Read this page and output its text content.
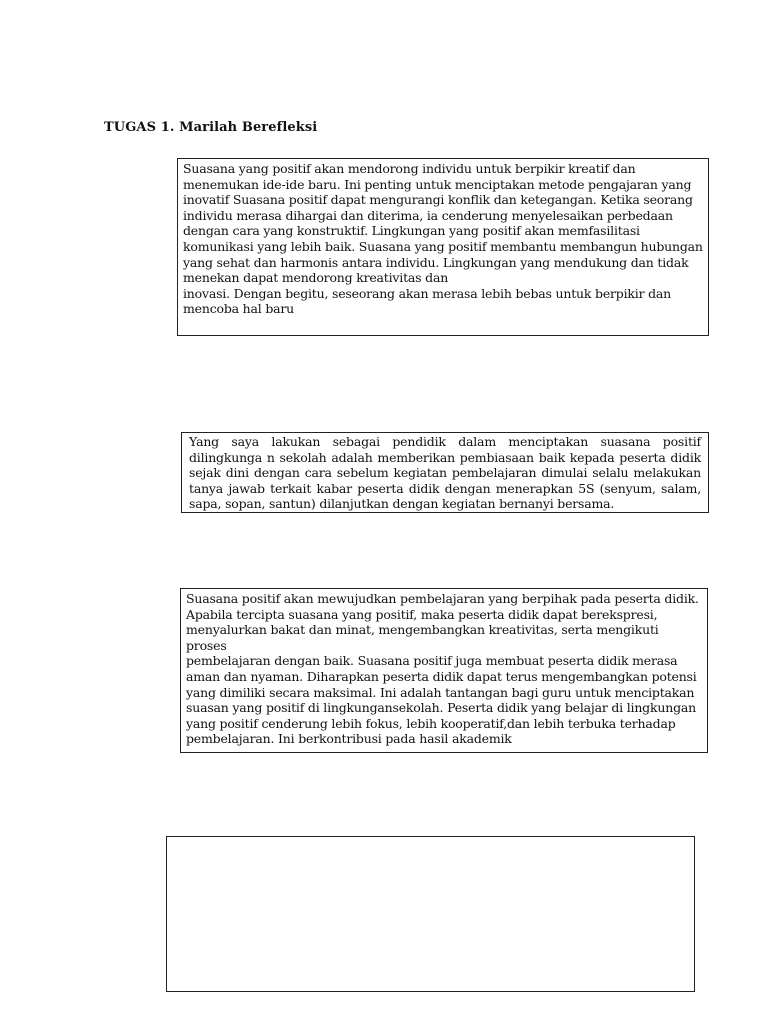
TUGAS 1. Marilah Berefleksi

Suasana yang positif akan mendorong individu untuk berpikir kreatif dan
menemukan ide-ide baru. Ini penting untuk menciptakan metode pengajaran yang
inovatif Suasana positif dapat mengurangi konflik dan ketegangan. Ketika seorang
individu merasa dihargai dan diterima, ia cenderung menyelesaikan perbedaan
dengan cara yang konstruktif. Lingkungan yang positif akan memfasilitasi
komunikasi yang lebih baik. Suasana yang positif membantu membangun hubungan
yang sehat dan harmonis antara individu. Lingkungan yang mendukung dan tidak
menekan dapat mendorong kreativitas dan
inovasi. Dengan begitu, seseorang akan merasa lebih bebas untuk berpikir dan
mencoba hal baru

Yang saya lakukan sebagai pendidik dalam menciptakan suasana positif dilingkunga n sekolah adalah memberikan pembiasaan baik kepada peserta didik sejak dini dengan cara sebelum kegiatan pembelajaran dimulai selalu melakukan tanya jawab terkait kabar peserta didik dengan menerapkan 5S (senyum, salam, sapa, sopan, santun) dilanjutkan dengan kegiatan bernanyi bersama.

Suasana positif akan mewujudkan pembelajaran yang berpihak pada peserta didik.
Apabila tercipta suasana yang positif, maka peserta didik dapat berekspresi,
menyalurkan bakat dan minat, mengembangkan kreativitas, serta mengikuti proses
pembelajaran dengan baik. Suasana positif juga membuat peserta didik merasa
aman dan nyaman. Diharapkan peserta didik dapat terus mengembangkan potensi
yang dimiliki secara maksimal. Ini adalah tantangan bagi guru untuk menciptakan
suasan yang positif di lingkungansekolah. Peserta didik yang belajar di lingkungan
yang positif cenderung lebih fokus, lebih kooperatif,dan lebih terbuka terhadap
pembelajaran. Ini berkontribusi pada hasil akademik
